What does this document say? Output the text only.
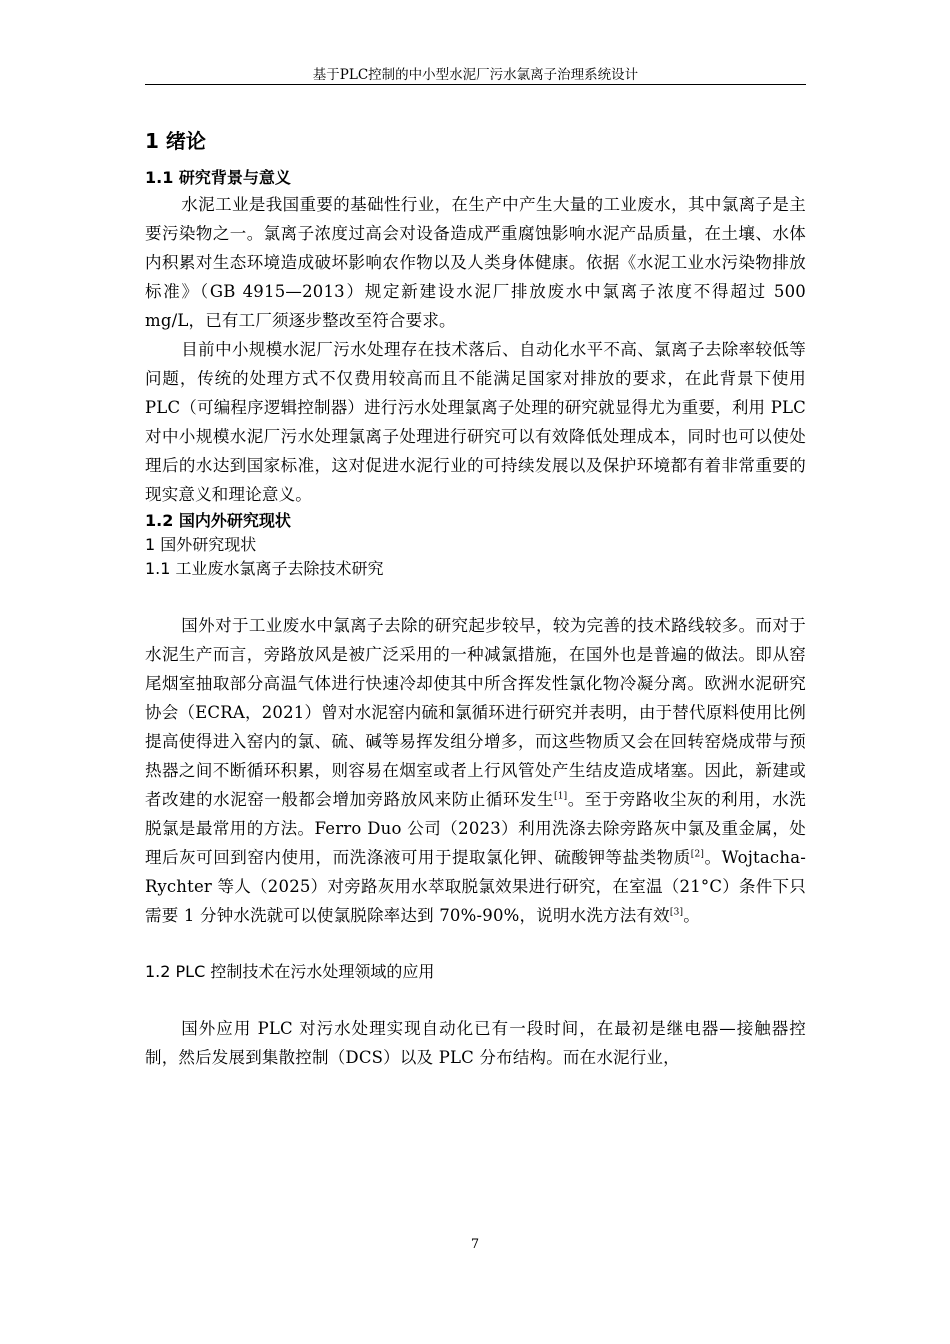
基于PLC控制的中小型水泥厂污水氯离子治理系统设计
1 绪论
1.1 研究背景与意义

水泥工业是我国重要的基础性行业，在生产中产生大量的工业废水，其中氯离子是主要污染物之一。氯离子浓度过高会对设备造成严重腐蚀影响水泥产品质量，在土壤、水体内积累对生态环境造成破坏影响农作物以及人类身体健康。依据《水泥工业水污染物排放标准》（GB 4915—2013）规定新建设水泥厂排放废水中氯离子浓度不得超过 500 mg/L，已有工厂须逐步整改至符合要求。

目前中小规模水泥厂污水处理存在技术落后、自动化水平不高、氯离子去除率较低等问题，传统的处理方式不仅费用较高而且不能满足国家对排放的要求，在此背景下使用 PLC（可编程序逻辑控制器）进行污水处理氯离子处理的研究就显得尤为重要，利用 PLC 对中小规模水泥厂污水处理氯离子处理进行研究可以有效降低处理成本，同时也可以使处理后的水达到国家标准，这对促进水泥行业的可持续发展以及保护环境都有着非常重要的现实意义和理论意义。

1.2 国内外研究现状
1 国外研究现状
1.1 工业废水氯离子去除技术研究

国外对于工业废水中氯离子去除的研究起步较早，较为完善的技术路线较多。而对于水泥生产而言，旁路放风是被广泛采用的一种减氯措施，在国外也是普遍的做法。即从窑尾烟室抽取部分高温气体进行快速冷却使其中所含挥发性氯化物冷凝分离。欧洲水泥研究协会（ECRA，2021）曾对水泥窑内硫和氯循环进行研究并表明，由于替代原料使用比例提高使得进入窑内的氯、硫、碱等易挥发组分增多，而这些物质又会在回转窑烧成带与预热器之间不断循环积累，则容易在烟室或者上行风管处产生结皮造成堵塞。因此，新建或者改建的水泥窑一般都会增加旁路放风来防止循环发生[1]。至于旁路收尘灰的利用，水洗脱氯是最常用的方法。Ferro Duo 公司（2023）利用洗涤去除旁路灰中氯及重金属，处理后灰可回到窑内使用，而洗涤液可用于提取氯化钾、硫酸钾等盐类物质[2]。Wojtacha-Rychter 等人（2025）对旁路灰用水萃取脱氯效果进行研究，在室温（21°C）条件下只需要 1 分钟水洗就可以使氯脱除率达到 70%-90%，说明水洗方法有效[3]。

1.2 PLC 控制技术在污水处理领域的应用

国外应用 PLC 对污水处理实现自动化已有一段时间，在最初是继电器—接触器控制，然后发展到集散控制（DCS）以及 PLC 分布结构。而在水泥行业，

7
